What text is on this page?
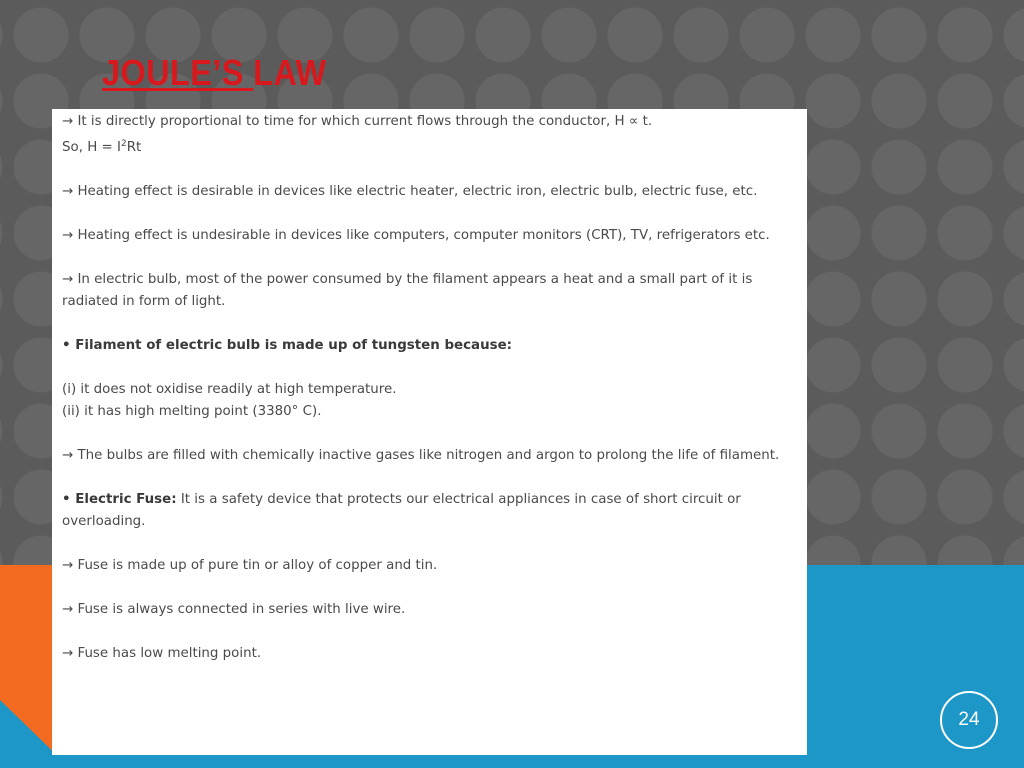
JOULE’S LAW

→ It is directly proportional to time for which current flows through the conductor, H ∝ t.

So, $H = I^2Rt$

→ Heating effect is desirable in devices like electric heater, electric iron, electric bulb, electric fuse, etc.

→ Heating effect is undesirable in devices like computers, computer monitors (CRT), TV, refrigerators etc.

→ In electric bulb, most of the power consumed by the filament appears a heat and a small part of it is radiated in form of light.

• Filament of electric bulb is made up of tungsten because:

(i) it does not oxidise readily at high temperature.

(ii) it has high melting point (3380° C).

→ The bulbs are filled with chemically inactive gases like nitrogen and argon to prolong the life of filament.

• Electric Fuse: It is a safety device that protects our electrical appliances in case of short circuit or overloading.

→ Fuse is made up of pure tin or alloy of copper and tin.

→ Fuse is always connected in series with live wire.

→ Fuse has low melting point.

24
